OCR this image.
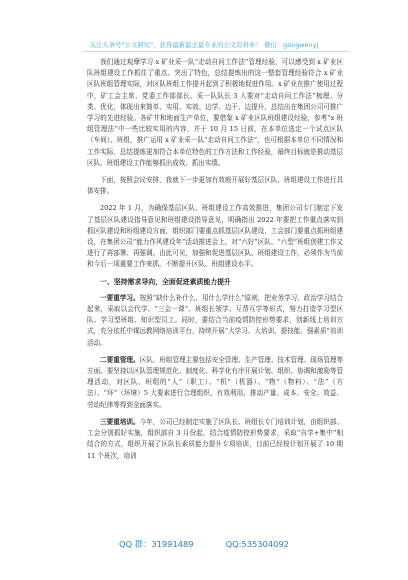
关注头条号"公文研究"，获得最新最全最专业的公文资料库！ 微信：gongwenyj

我们通过观摩学习 x 矿业采一队“走动自问工作法”管理经验，可以感受到 x 矿业区队班组建设工作抓住了重点、突出了特色，总结提炼出的这一整套管理经验符合 x 矿业区队班组管理实际，对区队班组工作提升起到了积极地促进作用。x 矿业在推广使用过程中，矿工会主席、党委工作部部长、采一队队长 3 人要对“走动自问工作法”梳理、分类、优化，体现出来简单、实用、实效、边学、边干、边提升，总结出在集团公司可推广学习的先进经验。各矿井和地面生产单位，要借鉴 x 矿业区队班组建设经验，参考“x 班组管理法”中一些比较实用的内容，并于 10 月 15 日前，在本单位选定一个试点区队（车间）、班组，推广运用 x 矿业采一队“走动自问工作法”，也可根据本单位不同情况和工作实际，总结提炼更加符合本单位特色的工作方法和工作经验，最终目标就是推动基层区队、班组建设工作能够抓出成效、抓出实绩。

下面，按照会议安排，我就下一步更加有效地开展好基层区队、班组建设工作进行具体安排。

2022 年 1 月，为确保基层区队、班组建设工作高效推进，集团公司专门制定下发了基层区队建设指导意见和班组建设指导意见，明确指出 2022 年要把工作重点落实到抓区队建设和班组建设方面，组织部门要重点抓基层区队建设，工会部门要重点抓班组建设，在集团公司“能力作风建设年”活动推进会上，对“六好”区队、“六型”班组创建工作又进行了再部署、再强调。由此可见，加强和促进基层区队、班组建设工作，必须作为当前和今后一项重要工作来抓，不断提升区队、班组建设水平。

一、坚持需求导向，全面促进素质能力提升

一要重学习。按照“缺什么补什么、用什么学什么”原则，把业务学习、政治学习结合起来，采取以会代学、“三会一课”、班组长领学、互帮互学等形式，努力打造学习型区队、学习型班组、知识型员工。同时，要结合当前疫情防控形势要求，创新线上培训方式，充分依托中煤远教网络培训平台，持续开展“大学习、大培训、提技能、强素质”培训活动。

二要重管理。区队、班组管理主要包括安全管理、生产管理、技术管理、现场管理等方面。要坚持以区队管理规范化、制度化、科学化有序开展计划、组织、协调和激励等管理活动，对区队、班组的“人”（职工）、“机”（机器）、“物”（物料）、“法”（方法）、“环”（环境）5 大要素进行合理组织，有效利用，推动产量、成本、安全、效益、劳动纪律等得到全面落实。

三要重培训。今年，公司已经制定实施了区队长、班组长专门培训计划，由组织部、工会分别抓好实施，组织部自 3 月份起，结合疫情防控形势要求，采取“自学+集中”相结合的方式，组织开展了区队长素质能力提升专项培训，目前已经按计划开展了 10 期 11 个班次，培训

QQ 群：31991489	QQ:535304092
